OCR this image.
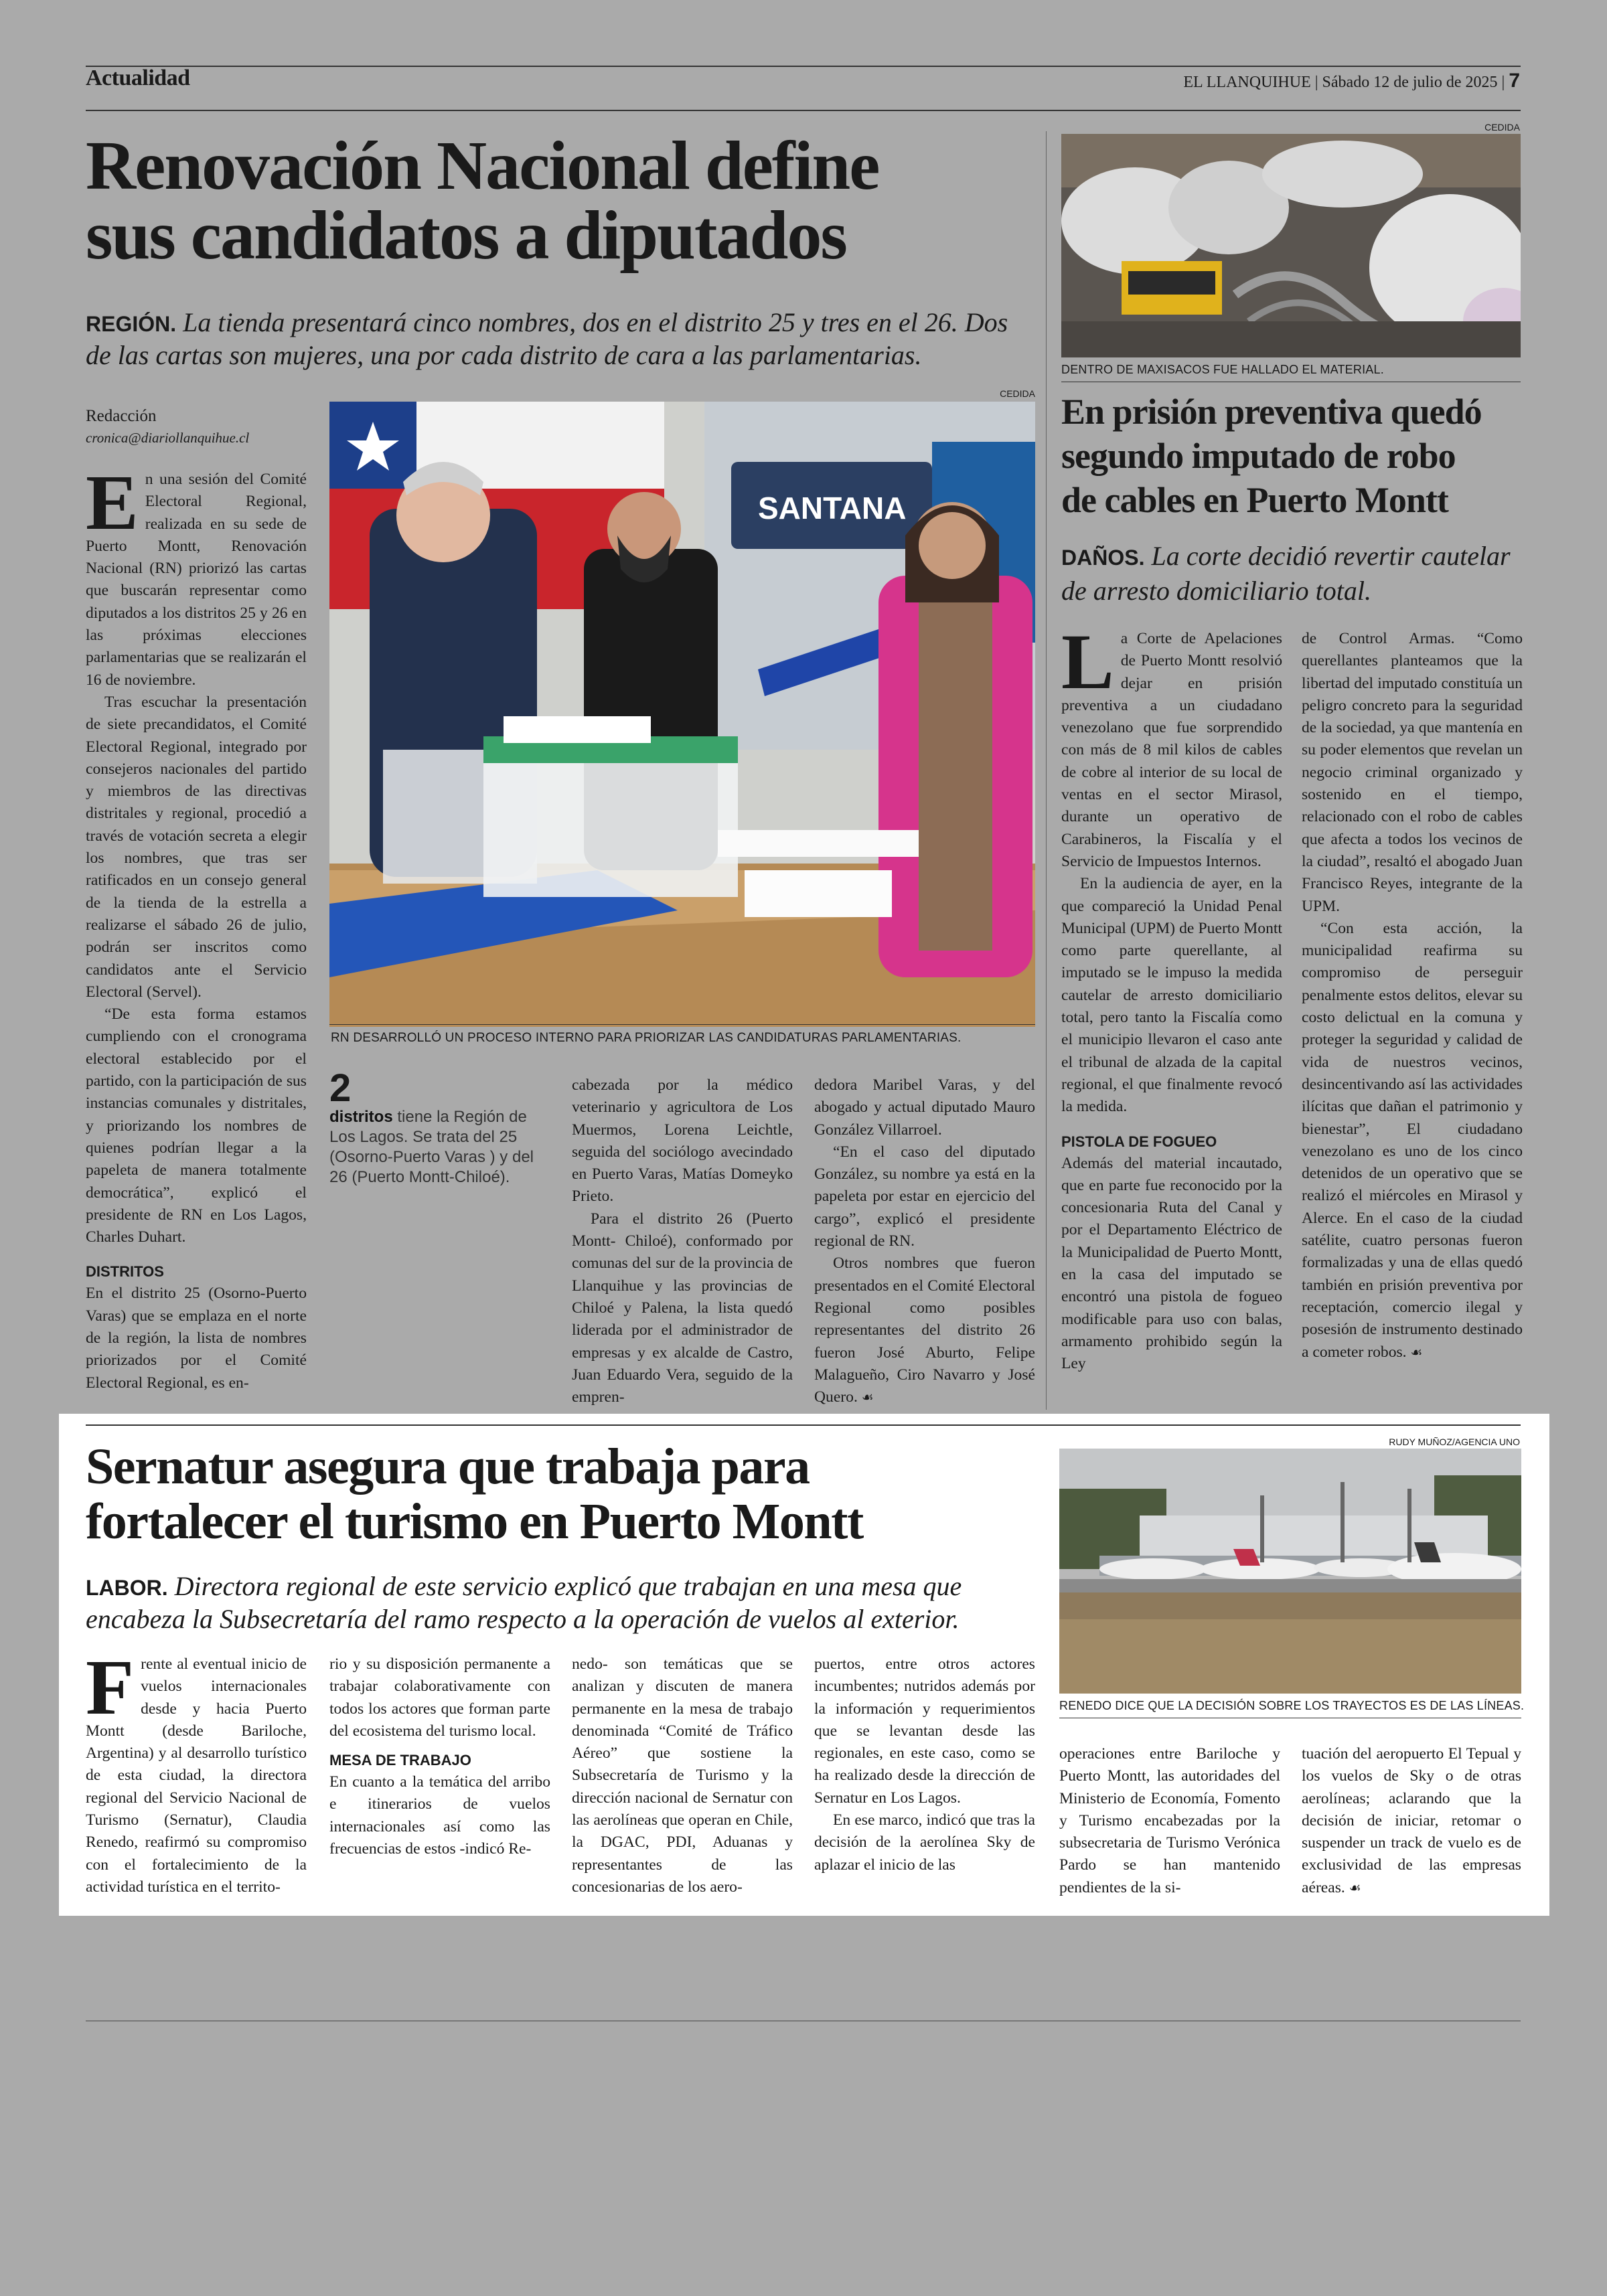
Actualidad	EL LLANQUIHUE | Sábado 12 de julio de 2025 | 7
Renovación Nacional define
sus candidatos a diputados
REGIÓN. La tienda presentará cinco nombres, dos en el distrito 25 y tres en el 26. Dos de las cartas son mujeres, una por cada distrito de cara a las parlamentarias.
Redacción
cronica@diariollanquihue.cl
CEDIDA
SANTANA
RN DESARROLLÓ UN PROCESO INTERNO PARA PRIORIZAR LAS CANDIDATURAS PARLAMENTARIAS.

En una sesión del Comité Electoral Regional, realizada en su sede de Puerto Montt, Renovación Nacional (RN) priorizó las cartas que buscarán representar como diputados a los distritos 25 y 26 en las próximas elecciones parlamentarias que se realizarán el 16 de noviembre.

Tras escuchar la presentación de siete precandidatos, el Comité Electoral Regional, integrado por consejeros nacionales del partido y miembros de las directivas distritales y regional, procedió a través de votación secreta a elegir los nombres, que tras ser ratificados en un consejo general de la tienda de la estrella a realizarse el sábado 26 de julio, podrán ser inscritos como candidatos ante el Servicio Electoral (Servel).

“De esta forma estamos cumpliendo con el cronograma electoral establecido por el partido, con la participación de sus instancias comunales y distritales, y priorizando los nombres de quienes podrían llegar a la papeleta de manera totalmente democrática”, explicó el presidente de RN en Los Lagos, Charles Duhart.

DISTRITOS

En el distrito 25 (Osorno-Puerto Varas) que se emplaza en el norte de la región, la lista de nombres priorizados por el Comité Electoral Regional, es en-

2
distritos tiene la Región de Los Lagos. Se trata del 25 (Osorno-Puerto Varas ) y del 26 (Puerto Montt-Chiloé).

cabezada por la médico veterinario y agricultora de Los Muermos, Lorena Leichtle, seguida del sociólogo avecindado en Puerto Varas, Matías Domeyko Prieto.

Para el distrito 26 (Puerto Montt- Chiloé), conformado por comunas del sur de la provincia de Llanquihue y las provincias de Chiloé y Palena, la lista quedó liderada por el administrador de empresas y ex alcalde de Castro, Juan Eduardo Vera, seguido de la empren-

dedora Maribel Varas, y del abogado y actual diputado Mauro González Villarroel.

“En el caso del diputado González, su nombre ya está en la papeleta por estar en ejercicio del cargo”, explicó el presidente regional de RN.

Otros nombres que fueron presentados en el Comité Electoral Regional como posibles representantes del distrito 26 fueron José Aburto, Felipe Malagueño, Ciro Navarro y José Quero. ☙

CEDIDA
DENTRO DE MAXISACOS FUE HALLADO EL MATERIAL.
En prisión preventiva quedó
segundo imputado de robo
de cables en Puerto Montt
DAÑOS. La corte decidió revertir cautelar de arresto domiciliario total.

La Corte de Apelaciones de Puerto Montt resolvió dejar en prisión preventiva a un ciudadano venezolano que fue sorprendido con más de 8 mil kilos de cables de cobre al interior de su local de ventas en el sector Mirasol, durante un operativo de Carabineros, la Fiscalía y el Servicio de Impuestos Internos.

En la audiencia de ayer, en la que compareció la Unidad Penal Municipal (UPM) de Puerto Montt como parte querellante, al imputado se le impuso la medida cautelar de arresto domiciliario total, pero tanto la Fiscalía como el municipio llevaron el caso ante el tribunal de alzada de la capital regional, el que finalmente revocó la medida.

PISTOLA DE FOGUEO

Además del material incautado, que en parte fue reconocido por la concesionaria Ruta del Canal y por el Departamento Eléctrico de la Municipalidad de Puerto Montt, en la casa del imputado se encontró una pistola de fogueo modificable para uso con balas, armamento prohibido según la Ley

de Control Armas. “Como querellantes planteamos que la libertad del imputado constituía un peligro concreto para la seguridad de la sociedad, ya que mantenía en su poder elementos que revelan un negocio criminal organizado y sostenido en el tiempo, relacionado con el robo de cables que afecta a todos los vecinos de la ciudad”, resaltó el abogado Juan Francisco Reyes, integrante de la UPM.

“Con esta acción, la municipalidad reafirma su compromiso de perseguir penalmente estos delitos, elevar su costo delictual en la comuna y proteger la seguridad y calidad de vida de nuestros vecinos, desincentivando así las actividades ilícitas que dañan el patrimonio y bienestar”, El ciudadano venezolano es uno de los cinco detenidos de un operativo que se realizó el miércoles en Mirasol y Alerce. En el caso de la ciudad satélite, cuatro personas fueron formalizadas y una de ellas quedó también en prisión preventiva por receptación, comercio ilegal y posesión de instrumento destinado a cometer robos. ☙

Sernatur asegura que trabaja para
fortalecer el turismo en Puerto Montt
LABOR. Directora regional de este servicio explicó que trabajan en una mesa que encabeza la Subsecretaría del ramo respecto a la operación de vuelos al exterior.
RUDY MUÑOZ/AGENCIA UNO
RENEDO DICE QUE LA DECISIÓN SOBRE LOS TRAYECTOS ES DE LAS LÍNEAS.

Frente al eventual inicio de vuelos internacionales desde y hacia Puerto Montt (desde Bariloche, Argentina) y al desarrollo turístico de esta ciudad, la directora regional del Servicio Nacional de Turismo (Sernatur), Claudia Renedo, reafirmó su compromiso con el fortalecimiento de la actividad turística en el territo-

rio y su disposición permanente a trabajar colaborativamente con todos los actores que forman parte del ecosistema del turismo local.

MESA DE TRABAJO

En cuanto a la temática del arribo e itinerarios de vuelos internacionales así como las frecuencias de estos -indicó Re-

nedo- son temáticas que se analizan y discuten de manera permanente en la mesa de trabajo denominada “Comité de Tráfico Aéreo” que sostiene la Subsecretaría de Turismo y la dirección nacional de Sernatur con las aerolíneas que operan en Chile, la DGAC, PDI, Aduanas y representantes de las concesionarias de los aero-

puertos, entre otros actores incumbentes; nutridos además por la información y requerimientos que se levantan desde las regionales, en este caso, como se ha realizado desde la dirección de Sernatur en Los Lagos.

En ese marco, indicó que tras la decisión de la aerolínea Sky de aplazar el inicio de las

operaciones entre Bariloche y Puerto Montt, las autoridades del Ministerio de Economía, Fomento y Turismo encabezadas por la subsecretaria de Turismo Verónica Pardo se han mantenido pendientes de la si-

tuación del aeropuerto El Tepual y los vuelos de Sky o de otras aerolíneas; aclarando que la decisión de iniciar, retomar o suspender un track de vuelo es de exclusividad de las empresas aéreas. ☙
